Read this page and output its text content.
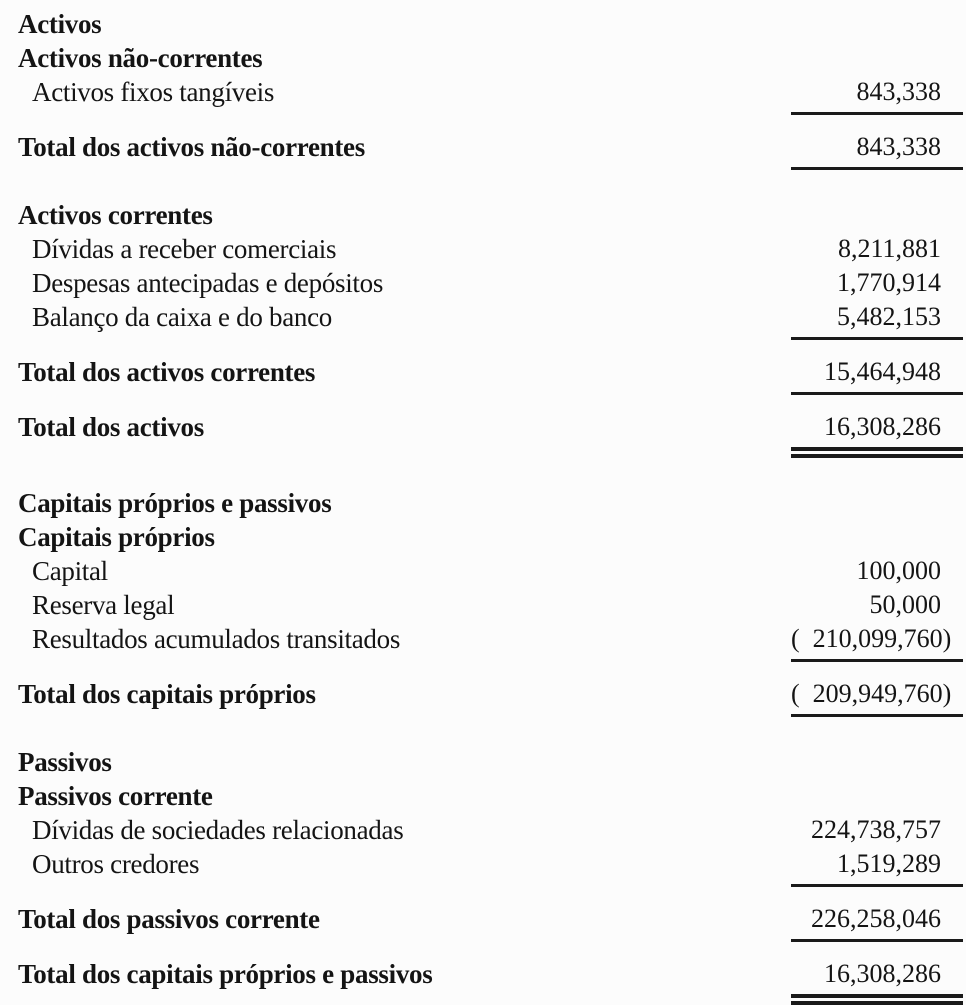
Activos
Activos não-correntes
Activos fixos tangíveis	843,338
Total dos activos não-correntes	843,338
Activos correntes
Dívidas a receber comerciais	8,211,881
Despesas antecipadas e depósitos	1,770,914
Balanço da caixa e do banco	5,482,153
Total dos activos correntes	15,464,948
Total dos activos	16,308,286
Capitais próprios e passivos
Capitais próprios
Capital	100,000
Reserva legal	50,000
Resultados acumulados transitados	(  210,099,760)
Total dos capitais próprios	(  209,949,760)
Passivos
Passivos corrente
Dívidas de sociedades relacionadas	224,738,757
Outros credores	1,519,289
Total dos passivos corrente	226,258,046
Total dos capitais próprios e passivos	16,308,286
